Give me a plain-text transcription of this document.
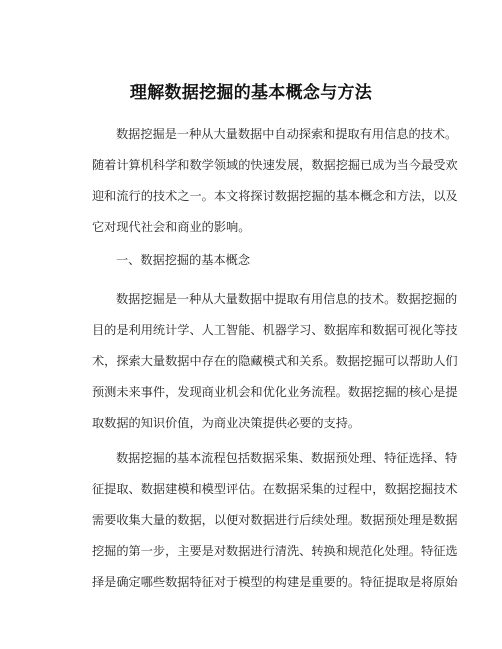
理解数据挖掘的基本概念与方法
数据挖掘是一种从大量数据中自动探索和提取有用信息的技术。
随着计算机科学和数学领域的快速发展，数据挖掘已成为当今最受欢
迎和流行的技术之一。本文将探讨数据挖掘的基本概念和方法，以及
它对现代社会和商业的影响。
一、数据挖掘的基本概念
数据挖掘是一种从大量数据中提取有用信息的技术。数据挖掘的
目的是利用统计学、人工智能、机器学习、数据库和数据可视化等技
术，探索大量数据中存在的隐藏模式和关系。数据挖掘可以帮助人们
预测未来事件，发现商业机会和优化业务流程。数据挖掘的核心是提
取数据的知识价值，为商业决策提供必要的支持。
数据挖掘的基本流程包括数据采集、数据预处理、特征选择、特
征提取、数据建模和模型评估。在数据采集的过程中，数据挖掘技术
需要收集大量的数据，以便对数据进行后续处理。数据预处理是数据
挖掘的第一步，主要是对数据进行清洗、转换和规范化处理。特征选
择是确定哪些数据特征对于模型的构建是重要的。特征提取是将原始
